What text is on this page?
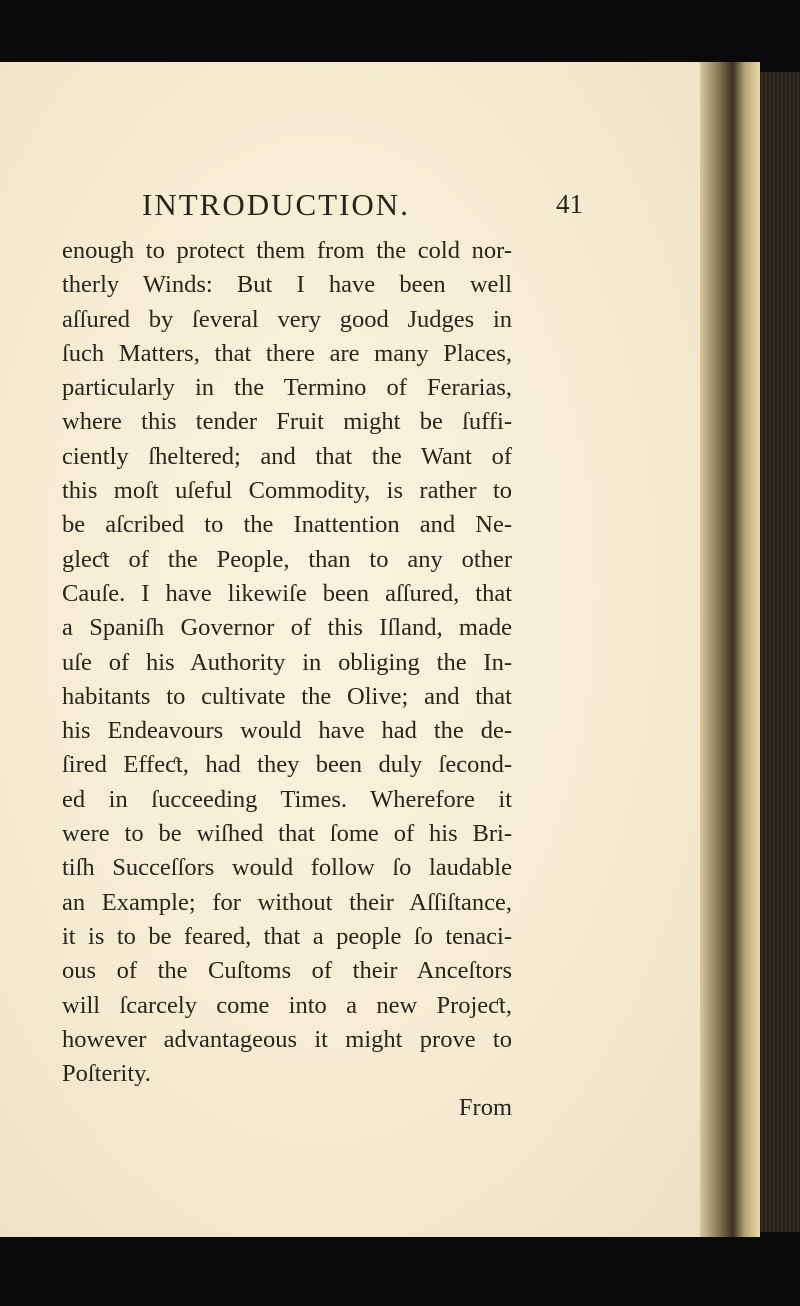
INTRODUCTION.	41
enough to protect them from the cold nor-
therly Winds: But I have been well
aſſured by ſeveral very good Judges in
ſuch Matters, that there are many Places,
particularly in the Termino of Ferarias,
where this tender Fruit might be ſuffi-
ciently ſheltered; and that the Want of
this moſt uſeful Commodity, is rather to
be aſcribed to the Inattention and Ne-
gleƈt of the People, than to any other
Cauſe. I have likewiſe been aſſured, that
a Spaniſh Governor of this Iſland, made
uſe of his Authority in obliging the In-
habitants to cultivate the Olive; and that
his Endeavours would have had the de-
ſired Effeƈt, had they been duly ſecond-
ed in ſucceeding Times. Wherefore it
were to be wiſhed that ſome of his Bri-
tiſh Succeſſors would follow ſo laudable
an Example; for without their Aſſiſtance,
it is to be feared, that a people ſo tenaci-
ous of the Cuſtoms of their Anceſtors
will ſcarcely come into a new Projeƈt,
however advantageous it might prove to
Poſterity.
From
